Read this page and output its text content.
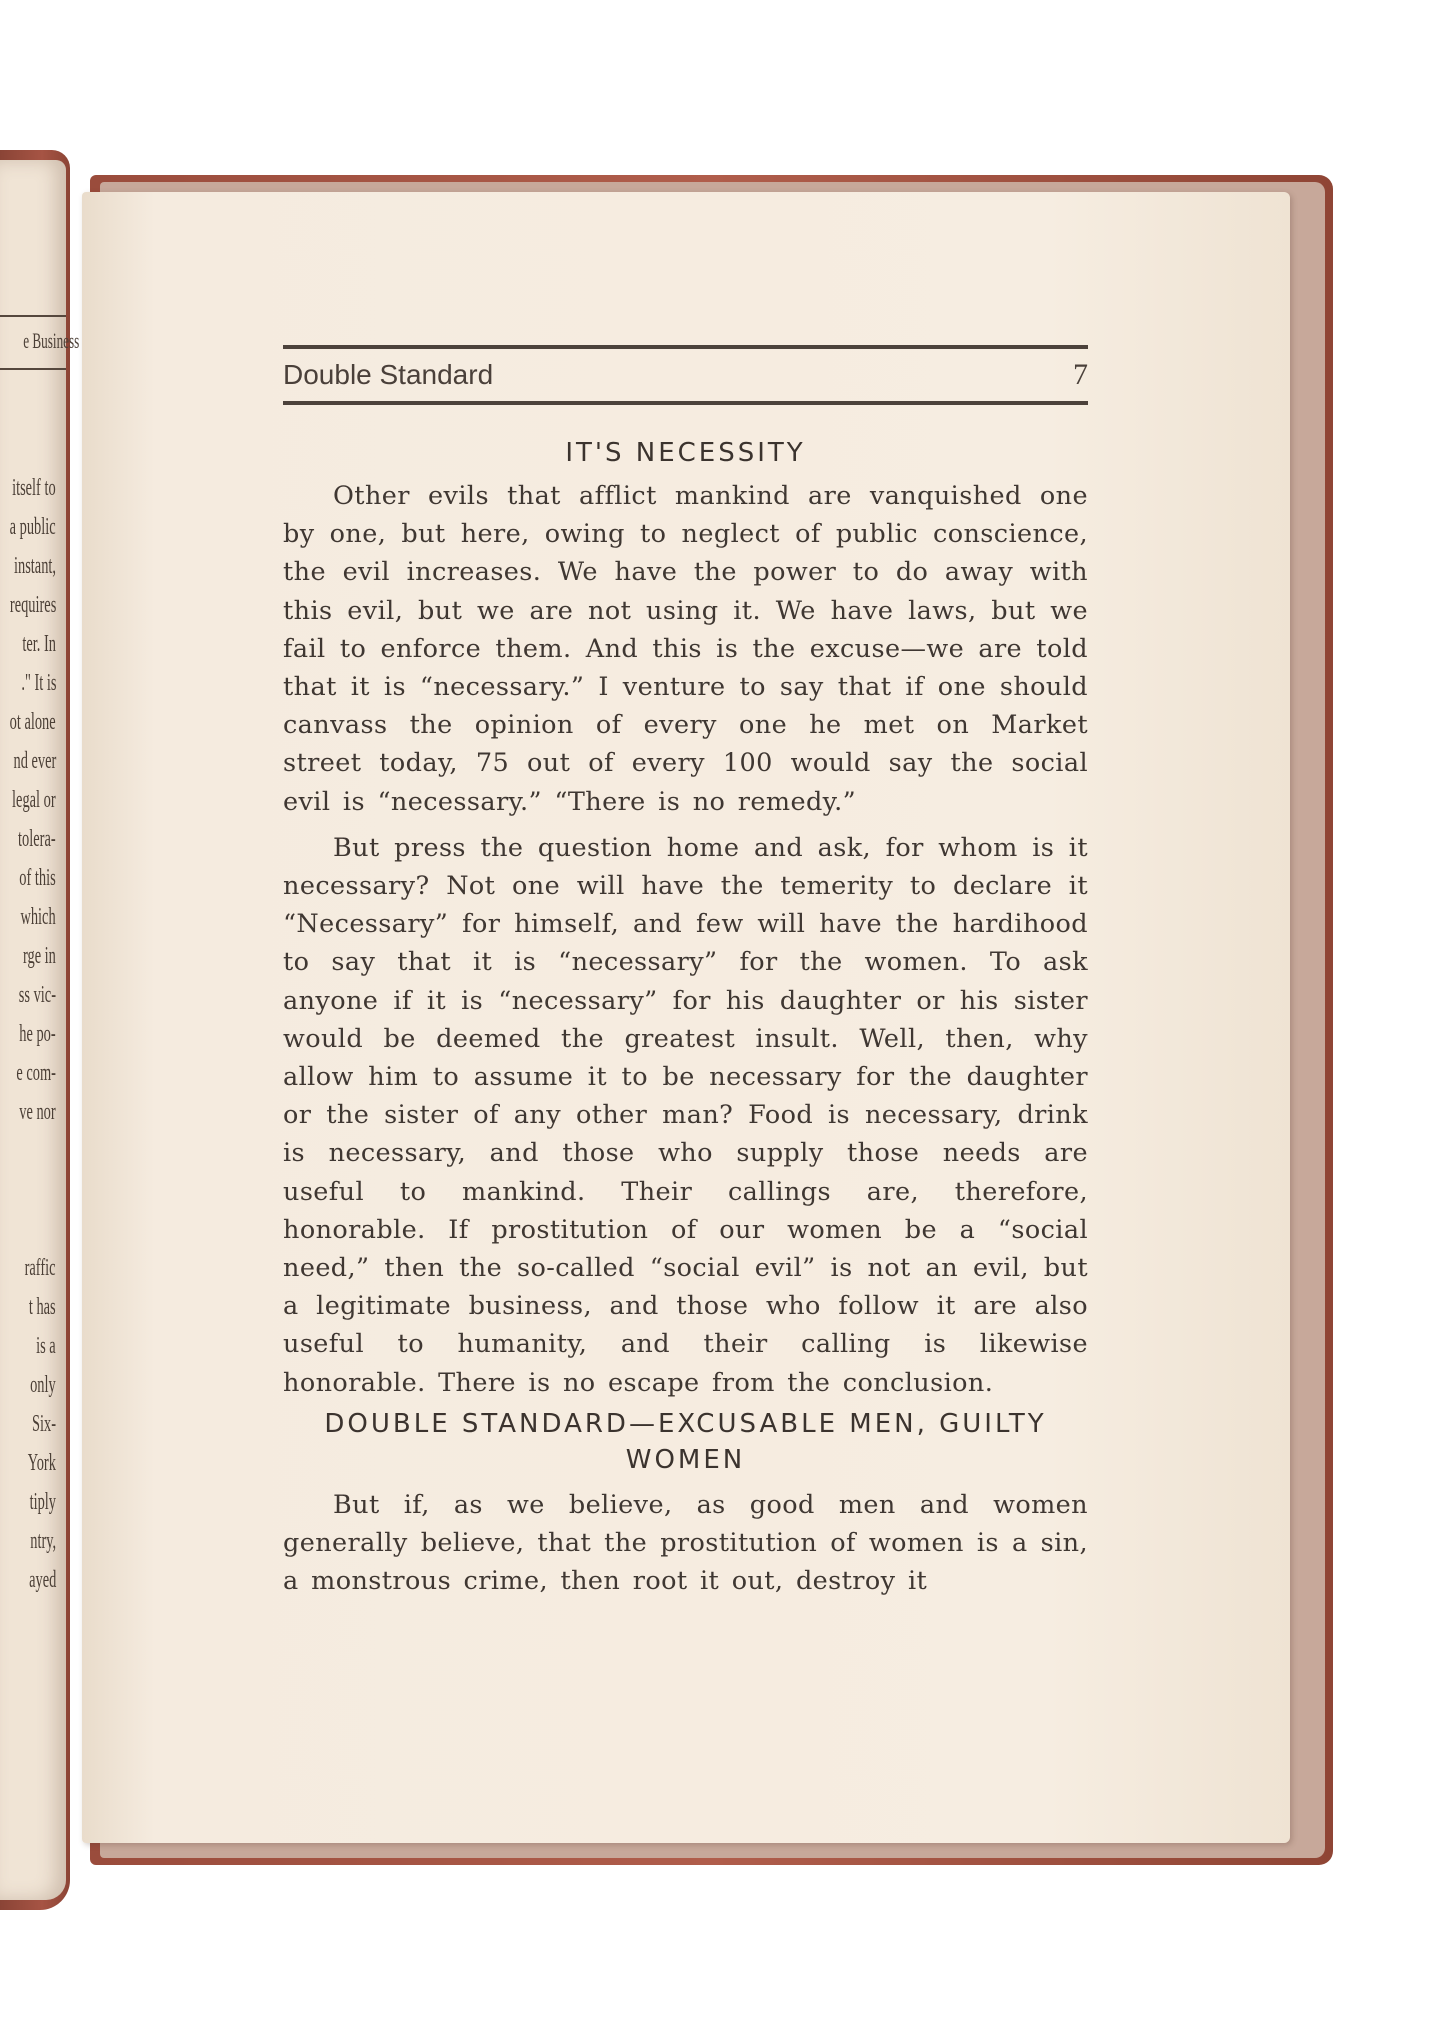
e Business
itself to
a public
instant,
requires
ter. In
." It is
ot alone
nd ever
legal or
tolera-
of this
which
rge in
ss vic-
he po-
e com-
ve nor
raffic
t has
is a
only
Six-
York
tiply
ntry,
ayed
Double Standard	7
IT'S NECESSITY

Other evils that afflict mankind are vanquished one by one, but here, owing to neglect of public conscience, the evil increases. We have the power to do away with this evil, but we are not using it. We have laws, but we fail to enforce them. And this is the excuse—we are told that it is “necessary.” I venture to say that if one should canvass the opinion of every one he met on Market street today, 75 out of every 100 would say the social evil is “necessary.” “There is no remedy.”

But press the question home and ask, for whom is it necessary? Not one will have the temerity to declare it “Necessary” for himself, and few will have the hardihood to say that it is “necessary” for the women. To ask anyone if it is “necessary” for his daughter or his sister would be deemed the greatest insult. Well, then, why allow him to assume it to be necessary for the daughter or the sister of any other man? Food is necessary, drink is necessary, and those who supply those needs are useful to mankind. Their callings are, therefore, honorable. If prostitution of our women be a “social need,” then the so-called “social evil” is not an evil, but a legitimate business, and those who follow it are also useful to humanity, and their calling is likewise honorable. There is no escape from the conclusion.

DOUBLE STANDARD—EXCUSABLE MEN, GUILTY
WOMEN

But if, as we believe, as good men and women generally believe, that the prostitution of women is a sin, a monstrous crime, then root it out, destroy it
